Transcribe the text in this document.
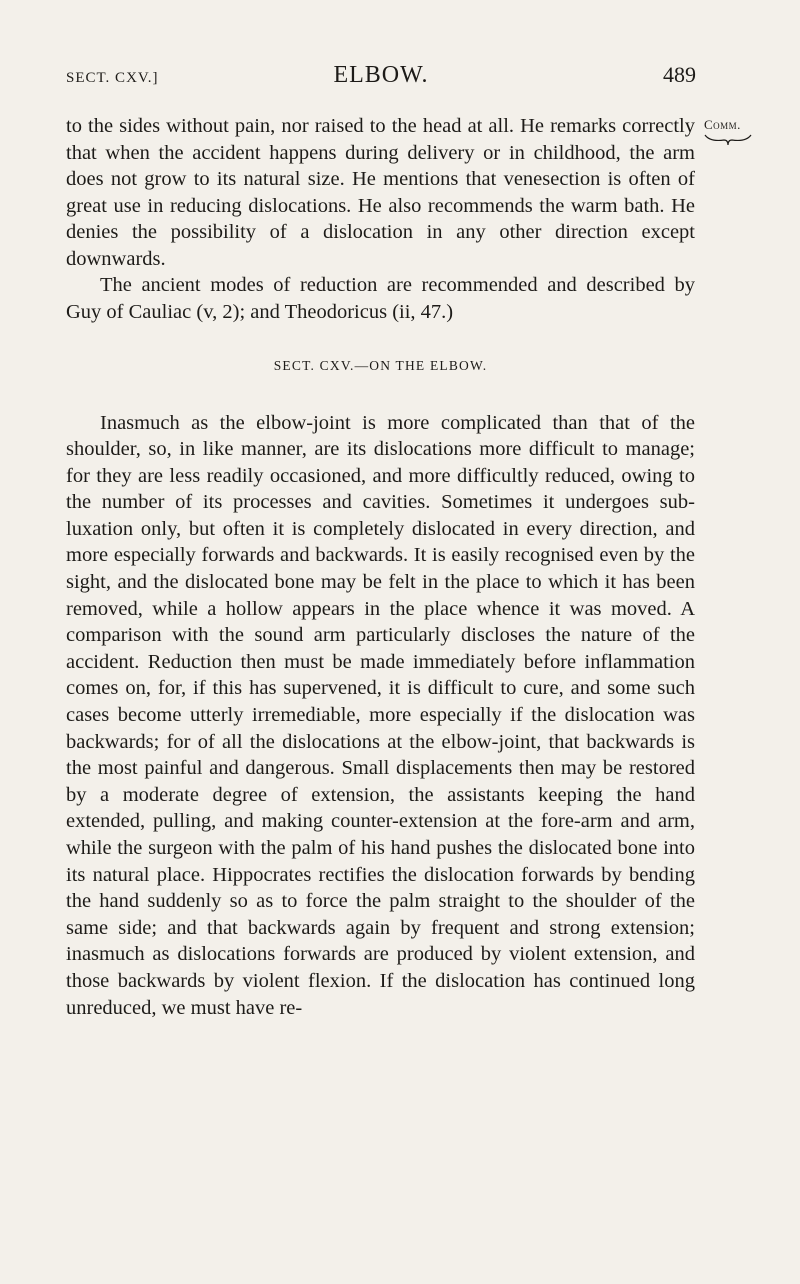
SECT. CXV.]	ELBOW.	489
Comm.

to the sides without pain, nor raised to the head at all. He remarks correctly that when the accident happens during delivery or in childhood, the arm does not grow to its natural size. He mentions that venesection is often of great use in reducing dislocations. He also recommends the warm bath. He denies the possibility of a dislocation in any other direction except downwards.

The ancient modes of reduction are recommended and described by Guy of Cauliac (v, 2); and Theodoricus (ii, 47.)

SECT. CXV.—ON THE ELBOW.

Inasmuch as the elbow-joint is more complicated than that of the shoulder, so, in like manner, are its dislocations more difficult to manage; for they are less readily occasioned, and more difficultly reduced, owing to the number of its processes and cavities. Sometimes it undergoes sub-luxation only, but often it is completely dislocated in every direction, and more especially forwards and backwards. It is easily recognised even by the sight, and the dislocated bone may be felt in the place to which it has been removed, while a hollow appears in the place whence it was moved. A comparison with the sound arm particularly discloses the nature of the accident. Reduction then must be made immediately before inflammation comes on, for, if this has supervened, it is difficult to cure, and some such cases become utterly irremediable, more especially if the dislocation was backwards; for of all the dislocations at the elbow-joint, that backwards is the most painful and dangerous. Small displacements then may be restored by a moderate degree of extension, the assistants keeping the hand extended, pulling, and making counter-extension at the fore-arm and arm, while the surgeon with the palm of his hand pushes the dislocated bone into its natural place. Hippocrates rectifies the dislocation forwards by bending the hand suddenly so as to force the palm straight to the shoulder of the same side; and that backwards again by frequent and strong extension; inasmuch as dislocations forwards are produced by violent extension, and those backwards by violent flexion. If the dislocation has continued long unreduced, we must have re-
